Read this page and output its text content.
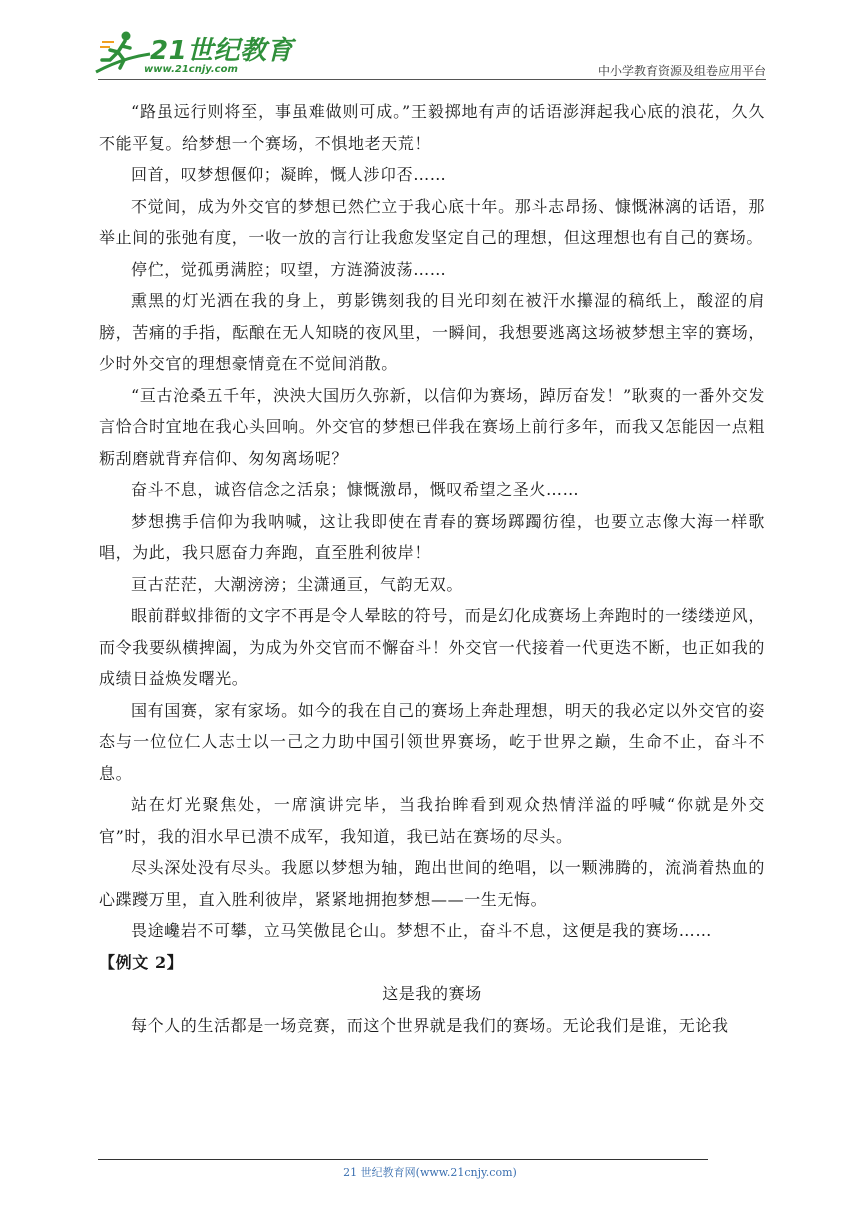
21世纪教育
www.21cnjy.com	中小学教育资源及组卷应用平台

“路虽远行则将至，事虽难做则可成。”王毅掷地有声的话语澎湃起我心底的浪花，久久不能平复。给梦想一个赛场，不惧地老天荒！

回首，叹梦想偃仰；凝眸，慨人涉卬否……

不觉间，成为外交官的梦想已然伫立于我心底十年。那斗志昂扬、慷慨淋漓的话语，那举止间的张弛有度，一收一放的言行让我愈发坚定自己的理想，但这理想也有自己的赛场。

停伫，觉孤勇满腔；叹望，方涟漪波荡……

熏黑的灯光洒在我的身上，剪影镌刻我的目光印刻在被汗水攥湿的稿纸上，酸涩的肩膀，苦痛的手指，酝酿在无人知晓的夜风里，一瞬间，我想要逃离这场被梦想主宰的赛场，少时外交官的理想豪情竟在不觉间消散。

“亘古沧桑五千年，泱泱大国历久弥新，以信仰为赛场，踔厉奋发！”耿爽的一番外交发言恰合时宜地在我心头回响。外交官的梦想已伴我在赛场上前行多年，而我又怎能因一点粗粝刮磨就背弃信仰、匆匆离场呢？

奋斗不息，诚咨信念之活泉；慷慨激昂，慨叹希望之圣火……

梦想携手信仰为我呐喊，这让我即使在青春的赛场踯躅彷徨，也要立志像大海一样歌唱，为此，我只愿奋力奔跑，直至胜利彼岸！

亘古茫茫，大潮滂滂；尘潇通亘，气韵无双。

眼前群蚁排衙的文字不再是令人晕眩的符号，而是幻化成赛场上奔跑时的一缕缕逆风，而令我要纵横捭阖，为成为外交官而不懈奋斗！外交官一代接着一代更迭不断，也正如我的成绩日益焕发曙光。

国有国赛，家有家场。如今的我在自己的赛场上奔赴理想，明天的我必定以外交官的姿态与一位位仁人志士以一己之力助中国引领世界赛场，屹于世界之巅，生命不止，奋斗不息。

站在灯光聚焦处，一席演讲完毕，当我抬眸看到观众热情洋溢的呼喊“你就是外交官”时，我的泪水早已溃不成军，我知道，我已站在赛场的尽头。

尽头深处没有尽头。我愿以梦想为轴，跑出世间的绝唱，以一颗沸腾的，流淌着热血的心蹀躞万里，直入胜利彼岸，紧紧地拥抱梦想——一生无悔。

畏途巉岩不可攀，立马笑傲昆仑山。梦想不止，奋斗不息，这便是我的赛场……

【例文 2】

这是我的赛场

每个人的生活都是一场竞赛，而这个世界就是我们的赛场。无论我们是谁，无论我

21 世纪教育网(www.21cnjy.com)
